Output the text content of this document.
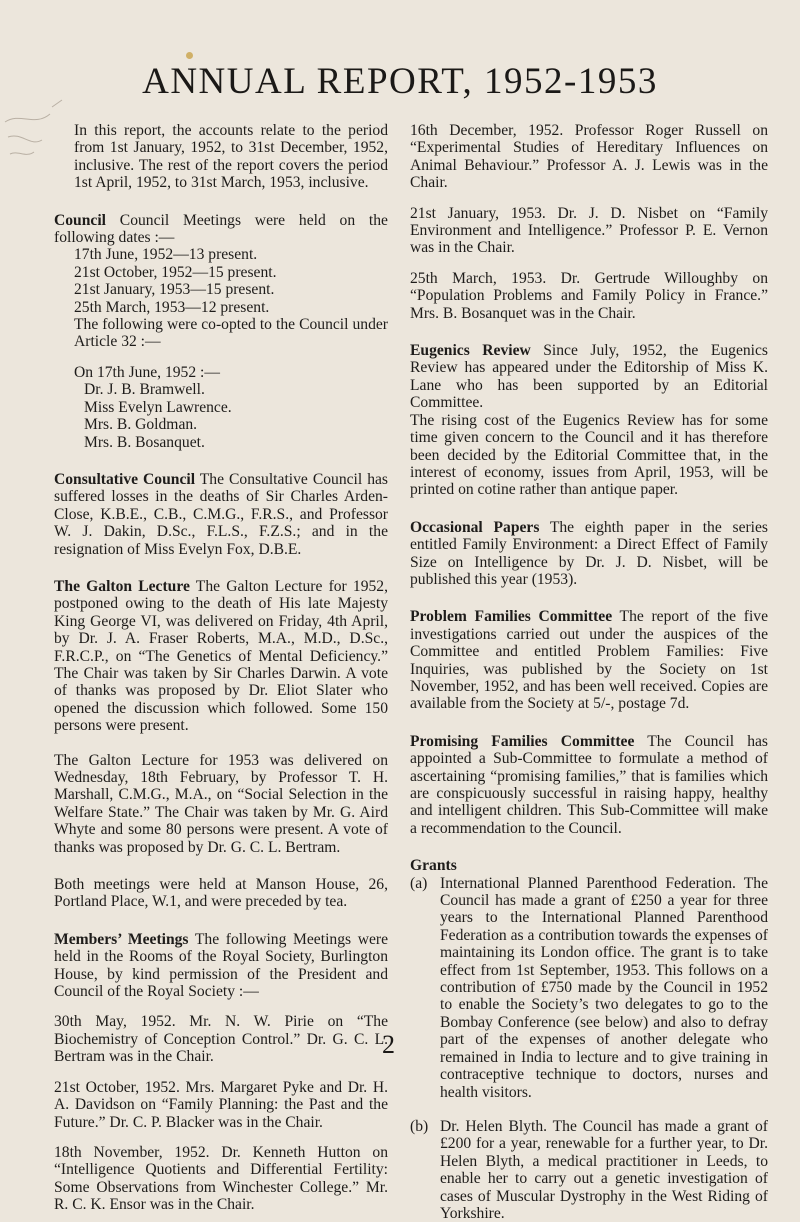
ANNUAL REPORT, 1952-1953

In this report, the accounts relate to the period from 1st January, 1952, to 31st December, 1952, inclusive. The rest of the report covers the period 1st April, 1952, to 31st March, 1953, inclusive.

Council Council Meetings were held on the following dates :—

17th June, 1952—13 present.
21st October, 1952—15 present.
21st January, 1953—15 present.
25th March, 1953—12 present.

The following were co-opted to the Council under Article 32 :—

On 17th June, 1952 :—

Dr. J. B. Bramwell.
Miss Evelyn Lawrence.
Mrs. B. Goldman.
Mrs. B. Bosanquet.

Consultative Council The Consultative Council has suffered losses in the deaths of Sir Charles Arden-Close, K.B.E., C.B., C.M.G., F.R.S., and Professor W. J. Dakin, D.Sc., F.L.S., F.Z.S.; and in the resignation of Miss Evelyn Fox, D.B.E.

The Galton Lecture The Galton Lecture for 1952, postponed owing to the death of His late Majesty King George VI, was delivered on Friday, 4th April, by Dr. J. A. Fraser Roberts, M.A., M.D., D.Sc., F.R.C.P., on “The Genetics of Mental Deficiency.” The Chair was taken by Sir Charles Darwin. A vote of thanks was proposed by Dr. Eliot Slater who opened the discussion which followed. Some 150 persons were present.

The Galton Lecture for 1953 was delivered on Wednesday, 18th February, by Professor T. H. Marshall, C.M.G., M.A., on “Social Selection in the Welfare State.” The Chair was taken by Mr. G. Aird Whyte and some 80 persons were present. A vote of thanks was proposed by Dr. G. C. L. Bertram.

Both meetings were held at Manson House, 26, Portland Place, W.1, and were preceded by tea.

Members’ Meetings The following Meetings were held in the Rooms of the Royal Society, Burlington House, by kind permission of the President and Council of the Royal Society :—

30th May, 1952. Mr. N. W. Pirie on “The Biochemistry of Conception Control.” Dr. G. C. L. Bertram was in the Chair.

21st October, 1952. Mrs. Margaret Pyke and Dr. H. A. Davidson on “Family Planning: the Past and the Future.” Dr. C. P. Blacker was in the Chair.

18th November, 1952. Dr. Kenneth Hutton on “Intelligence Quotients and Differential Fertility: Some Observations from Winchester College.” Mr. R. C. K. Ensor was in the Chair.

16th December, 1952. Professor Roger Russell on “Experimental Studies of Hereditary Influences on Animal Behaviour.” Professor A. J. Lewis was in the Chair.

21st January, 1953. Dr. J. D. Nisbet on “Family Environment and Intelligence.” Professor P. E. Vernon was in the Chair.

25th March, 1953. Dr. Gertrude Willoughby on “Population Problems and Family Policy in France.” Mrs. B. Bosanquet was in the Chair.

Eugenics Review Since July, 1952, the Eugenics Review has appeared under the Editorship of Miss K. Lane who has been supported by an Editorial Committee.

The rising cost of the Eugenics Review has for some time given concern to the Council and it has therefore been decided by the Editorial Committee that, in the interest of economy, issues from April, 1953, will be printed on cotine rather than antique paper.

Occasional Papers The eighth paper in the series entitled Family Environment: a Direct Effect of Family Size on Intelligence by Dr. J. D. Nisbet, will be published this year (1953).

Problem Families Committee The report of the five investigations carried out under the auspices of the Committee and entitled Problem Families: Five Inquiries, was published by the Society on 1st November, 1952, and has been well received. Copies are available from the Society at 5/-, postage 7d.

Promising Families Committee The Council has appointed a Sub-Committee to formulate a method of ascertaining “promising families,” that is families which are conspicuously successful in raising happy, healthy and intelligent children. This Sub-Committee will make a recommendation to the Council.

Grants

(a) International Planned Parenthood Federation. The Council has made a grant of £250 a year for three years to the International Planned Parenthood Federation as a contribution towards the expenses of maintaining its London office. The grant is to take effect from 1st September, 1953. This follows on a contribution of £750 made by the Council in 1952 to enable the Society’s two delegates to go to the Bombay Conference (see below) and also to defray part of the expenses of another delegate who remained in India to lecture and to give training in contraceptive technique to doctors, nurses and health visitors.
(b) Dr. Helen Blyth. The Council has made a grant of £200 for a year, renewable for a further year, to Dr. Helen Blyth, a medical practitioner in Leeds, to enable her to carry out a genetic investigation of cases of Muscular Dystrophy in the West Riding of Yorkshire.
2
